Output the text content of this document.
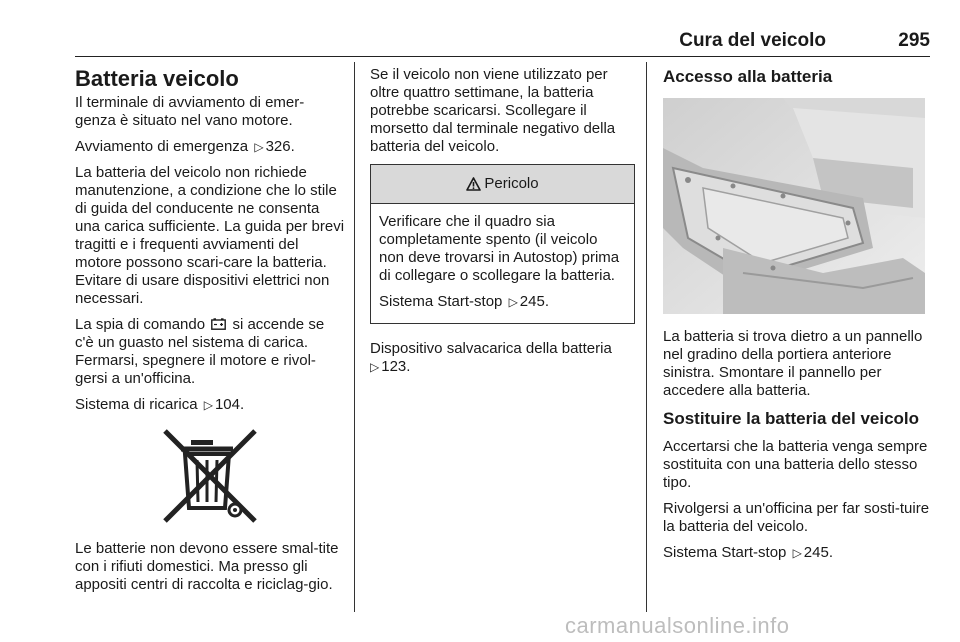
Cura del veicolo	295
Batteria veicolo

Il terminale di avviamento di emer-genza è situato nel vano motore.

Avviamento di emergenza ▷ 326.

La batteria del veicolo non richiede manutenzione, a condizione che lo stile di guida del conducente ne consenta una carica sufficiente. La guida per brevi tragitti e i frequenti avviamenti del motore possono scari-care la batteria. Evitare di usare dispositivi elettrici non necessari.

La spia di comando si accende se c'è un guasto nel sistema di carica. Fermarsi, spegnere il motore e rivol-gersi a un'officina.

Sistema di ricarica ▷ 104.

Le batterie non devono essere smal-tite con i rifiuti domestici. Ma presso gli appositi centri di raccolta e riciclag-gio.

Se il veicolo non viene utilizzato per oltre quattro settimane, la batteria potrebbe scaricarsi. Scollegare il morsetto dal terminale negativo della batteria del veicolo.

Pericolo

Verificare che il quadro sia completamente spento (il veicolo non deve trovarsi in Autostop) prima di collegare o scollegare la batteria.

Sistema Start-stop ▷ 245.

Dispositivo salvacarica della batteria
▷ 123.

Accesso alla batteria

La batteria si trova dietro a un pannello nel gradino della portiera anteriore sinistra. Smontare il pannello per accedere alla batteria.

Sostituire la batteria del veicolo

Accertarsi che la batteria venga sempre sostituita con una batteria dello stesso tipo.

Rivolgersi a un'officina per far sosti-tuire la batteria del veicolo.

Sistema Start-stop ▷ 245.

carmanualsonline.info
